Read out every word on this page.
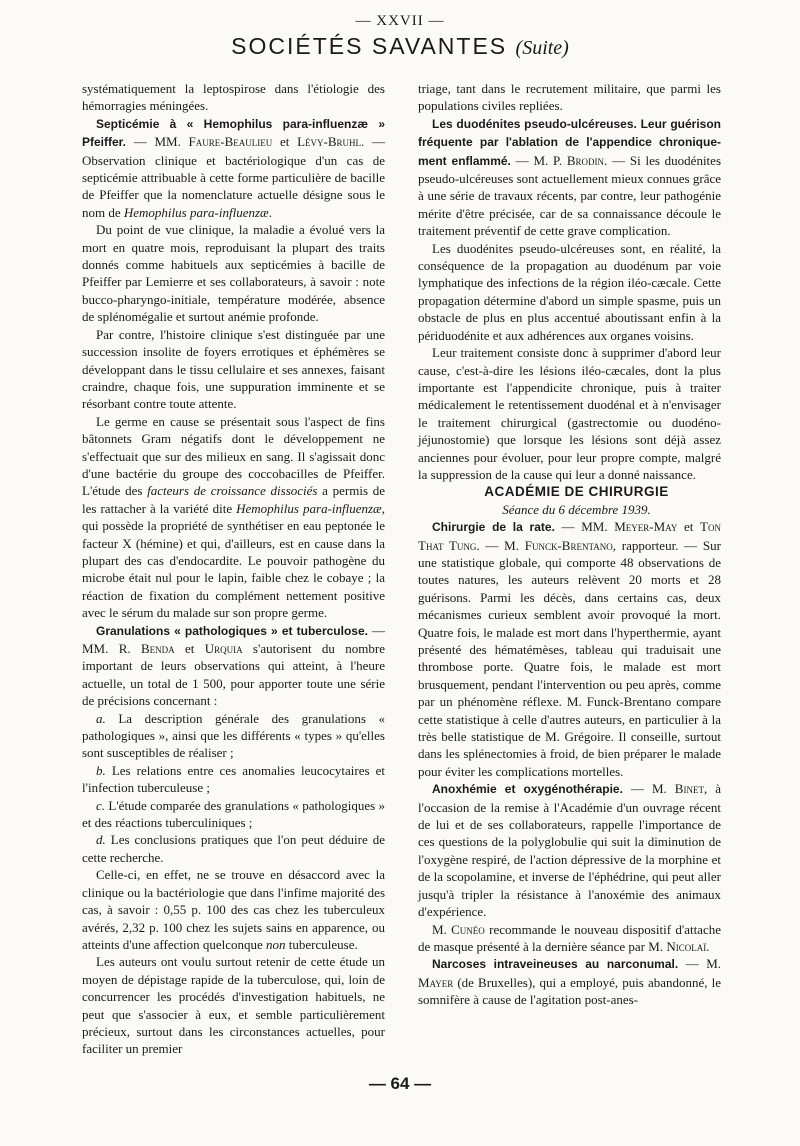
— XXVII —
SOCIÉTÉS SAVANTES (Suite)

systématiquement la leptospirose dans l'étiologie des hémorragies méningées.

Septicémie à « Hemophilus para-influenzæ » Pfeiffer. — MM. Faure-Beaulieu et Lévy-Bruhl. — Observation clinique et bactériologique d'un cas de septicémie attribuable à cette forme particulière de bacille de Pfeiffer que la nomenclature actuelle désigne sous le nom de Hemophilus para-influenzæ.

Du point de vue clinique, la maladie a évolué vers la mort en quatre mois, reproduisant la plupart des traits donnés comme habituels aux septicémies à bacille de Pfeiffer par Lemierre et ses collaborateurs, à savoir : note bucco-pharyngo-initiale, température modérée, absence de splénomégalie et surtout anémie profonde.

Par contre, l'histoire clinique s'est distinguée par une succession insolite de foyers errotiques et éphémères se développant dans le tissu cellulaire et ses annexes, faisant craindre, chaque fois, une suppuration imminente et se résorbant contre toute attente.

Le germe en cause se présentait sous l'aspect de fins bâtonnets Gram négatifs dont le développement ne s'effectuait que sur des milieux en sang. Il s'agissait donc d'une bactérie du groupe des coccobacilles de Pfeiffer. L'étude des facteurs de croissance dissociés a permis de les rattacher à la variété dite Hemophilus para-influenzæ, qui possède la propriété de synthétiser en eau peptonée le facteur X (hémine) et qui, d'ailleurs, est en cause dans la plupart des cas d'endocardite. Le pouvoir pathogène du microbe était nul pour le lapin, faible chez le cobaye ; la réaction de fixation du complément nettement positive avec le sérum du malade sur son propre germe.

Granulations « pathologiques » et tuberculose. — MM. R. Benda et Urquia s'autorisent du nombre important de leurs observations qui atteint, à l'heure actuelle, un total de 1 500, pour apporter toute une série de précisions concernant :

a. La description générale des granulations « pathologiques », ainsi que les différents « types » qu'elles sont susceptibles de réaliser ;

b. Les relations entre ces anomalies leucocytaires et l'infection tuberculeuse ;

c. L'étude comparée des granulations « pathologiques » et des réactions tuberculiniques ;

d. Les conclusions pratiques que l'on peut déduire de cette recherche.

Celle-ci, en effet, ne se trouve en désaccord avec la clinique ou la bactériologie que dans l'infime majorité des cas, à savoir : 0,55 p. 100 des cas chez les tuberculeux avérés, 2,32 p. 100 chez les sujets sains en apparence, ou atteints d'une affection quelconque non tuberculeuse.

Les auteurs ont voulu surtout retenir de cette étude un moyen de dépistage rapide de la tuberculose, qui, loin de concurrencer les procédés d'investigation habituels, ne peut que s'associer à eux, et semble particulièrement précieux, surtout dans les circonstances actuelles, pour faciliter un premier

triage, tant dans le recrutement militaire, que parmi les populations civiles repliées.

Les duodénites pseudo-ulcéreuses. Leur guérison fréquente par l'ablation de l'appendice chroniquement enflammé. — M. P. Brodin. — Si les duodénites pseudo-ulcéreuses sont actuellement mieux connues grâce à une série de travaux récents, par contre, leur pathogénie mérite d'être précisée, car de sa connaissance découle le traitement préventif de cette grave complication.

Les duodénites pseudo-ulcéreuses sont, en réalité, la conséquence de la propagation au duodénum par voie lymphatique des infections de la région iléo-cæcale. Cette propagation détermine d'abord un simple spasme, puis un obstacle de plus en plus accentué aboutissant enfin à la périduodénite et aux adhérences aux organes voisins.

Leur traitement consiste donc à supprimer d'abord leur cause, c'est-à-dire les lésions iléo-cæcales, dont la plus importante est l'appendicite chronique, puis à traiter médicalement le retentissement duodénal et à n'envisager le traitement chirurgical (gastrectomie ou duodéno-jéjunostomie) que lorsque les lésions sont déjà assez anciennes pour évoluer, pour leur propre compte, malgré la suppression de la cause qui leur a donné naissance.

ACADÉMIE DE CHIRURGIE

Séance du 6 décembre 1939.

Chirurgie de la rate. — MM. Meyer-May et Ton That Tung. — M. Funck-Brentano, rapporteur. — Sur une statistique globale, qui comporte 48 observations de toutes natures, les auteurs relèvent 20 morts et 28 guérisons. Parmi les décès, dans certains cas, deux mécanismes curieux semblent avoir provoqué la mort. Quatre fois, le malade est mort dans l'hyperthermie, ayant présenté des hématémèses, tableau qui traduisait une thrombose porte. Quatre fois, le malade est mort brusquement, pendant l'intervention ou peu après, comme par un phénomène réflexe. M. Funck-Brentano compare cette statistique à celle d'autres auteurs, en particulier à la très belle statistique de M. Grégoire. Il conseille, surtout dans les splénectomies à froid, de bien préparer le malade pour éviter les complications mortelles.

Anoxhémie et oxygénothérapie. — M. Binet, à l'occasion de la remise à l'Académie d'un ouvrage récent de lui et de ses collaborateurs, rappelle l'importance de ces questions de la polyglobulie qui suit la diminution de l'oxygène respiré, de l'action dépressive de la morphine et de la scopolamine, et inverse de l'éphédrine, qui peut aller jusqu'à tripler la résistance à l'anoxémie des animaux d'expérience.

M. Cunéo recommande le nouveau dispositif d'attache de masque présenté à la dernière séance par M. Nicolaï.

Narcoses intraveineuses au narconumal. — M. Mayer (de Bruxelles), qui a employé, puis abandonné, le somnifère à cause de l'agitation post-anes-

— 64 —
